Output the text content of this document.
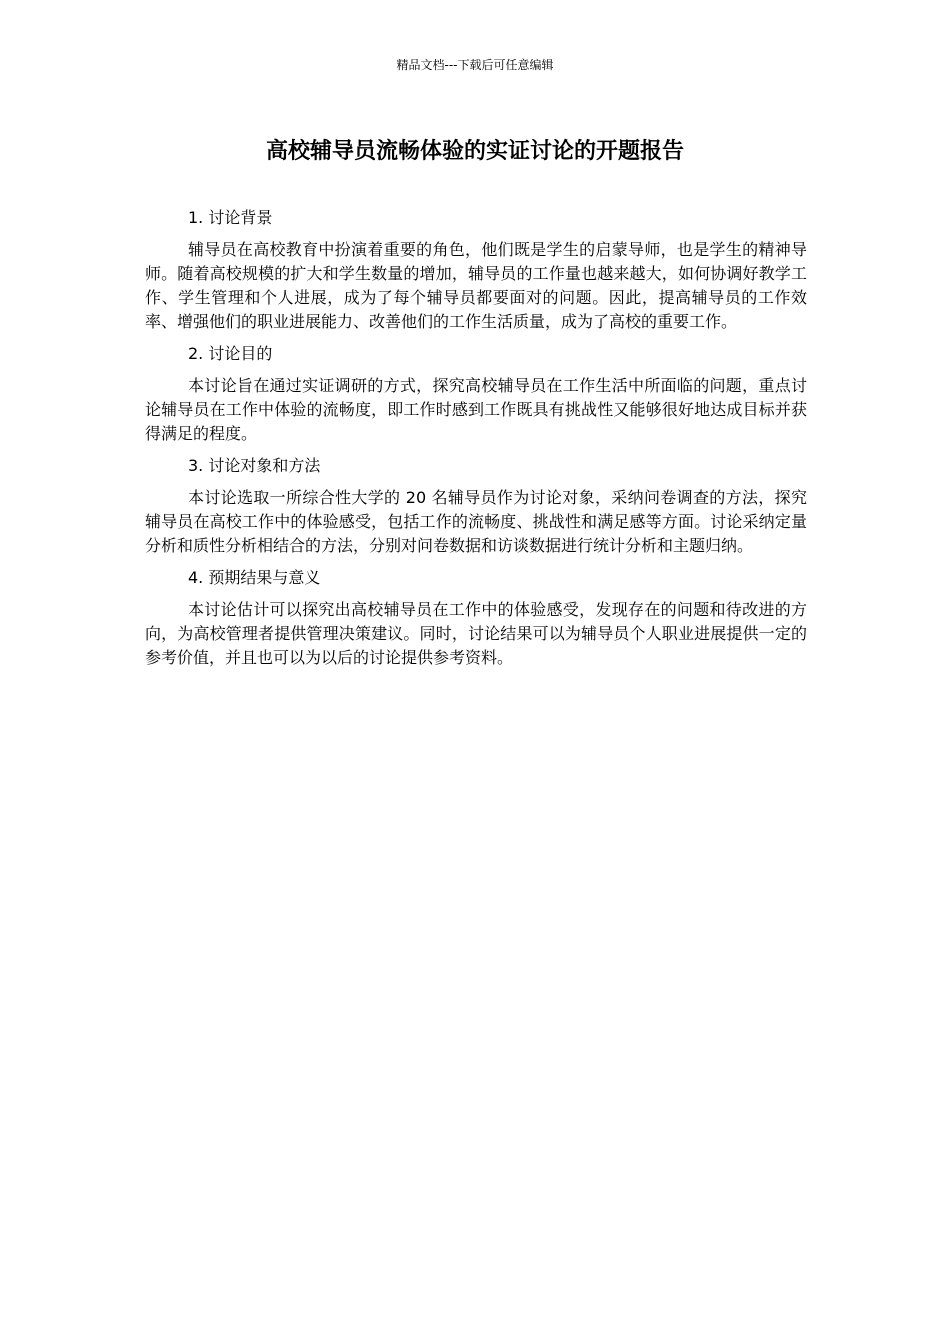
精品文档---下载后可任意编辑
高校辅导员流畅体验的实证讨论的开题报告
1. 讨论背景

辅导员在高校教育中扮演着重要的角色，他们既是学生的启蒙导师，也是学生的精神导师。随着高校规模的扩大和学生数量的增加，辅导员的工作量也越来越大，如何协调好教学工作、学生管理和个人进展，成为了每个辅导员都要面对的问题。因此，提高辅导员的工作效率、增强他们的职业进展能力、改善他们的工作生活质量，成为了高校的重要工作。

2. 讨论目的

本讨论旨在通过实证调研的方式，探究高校辅导员在工作生活中所面临的问题，重点讨论辅导员在工作中体验的流畅度，即工作时感到工作既具有挑战性又能够很好地达成目标并获得满足的程度。

3. 讨论对象和方法

本讨论选取一所综合性大学的 20 名辅导员作为讨论对象，采纳问卷调查的方法，探究辅导员在高校工作中的体验感受，包括工作的流畅度、挑战性和满足感等方面。讨论采纳定量分析和质性分析相结合的方法，分别对问卷数据和访谈数据进行统计分析和主题归纳。

4. 预期结果与意义

本讨论估计可以探究出高校辅导员在工作中的体验感受，发现存在的问题和待改进的方向，为高校管理者提供管理决策建议。同时，讨论结果可以为辅导员个人职业进展提供一定的参考价值，并且也可以为以后的讨论提供参考资料。
